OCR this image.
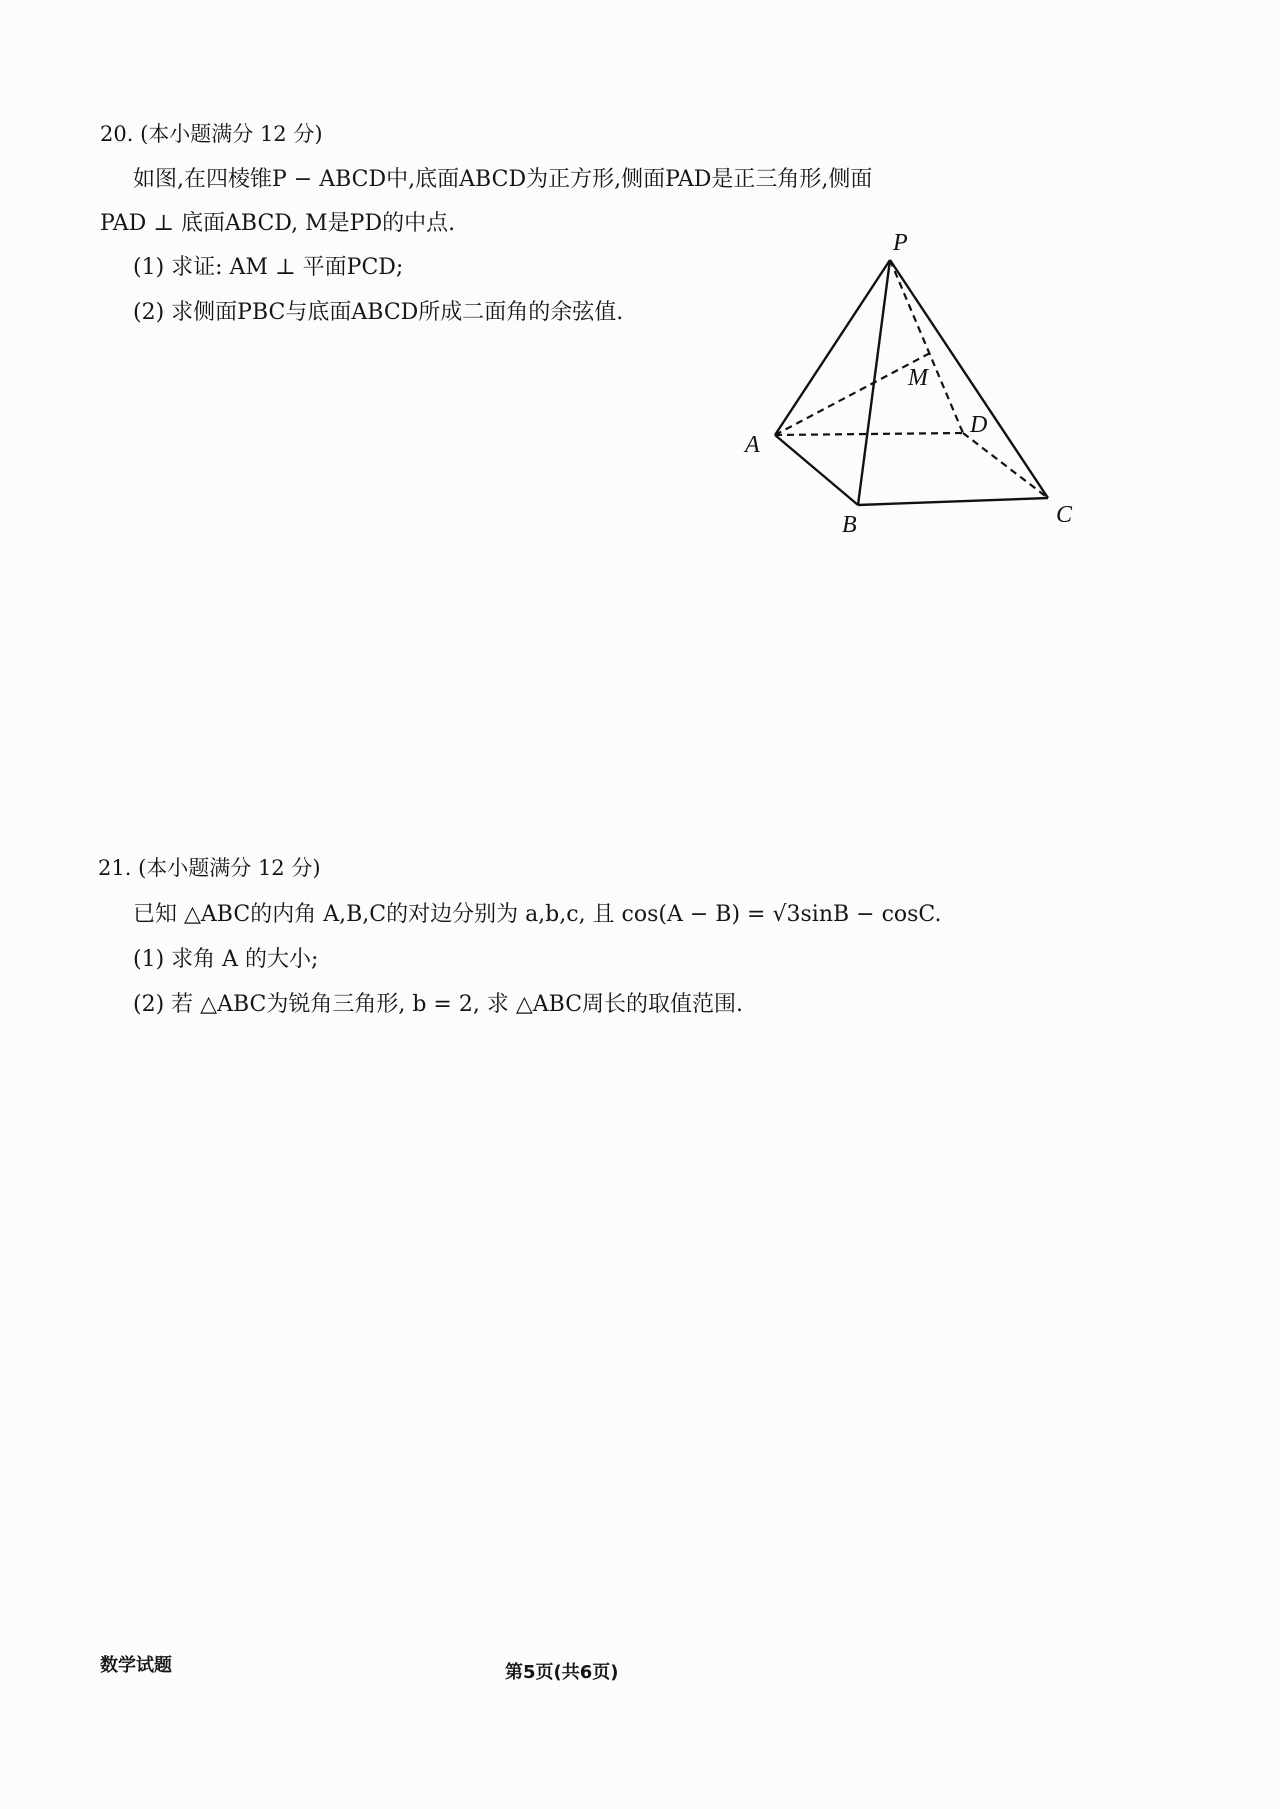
20. (本小题满分 12 分)
如图,在四棱锥P − ABCD中,底面ABCD为正方形,侧面PAD是正三角形,侧面
PAD ⊥ 底面ABCD, M是PD的中点.
(1) 求证: AM ⊥ 平面PCD;
(2) 求侧面PBC与底面ABCD所成二面角的余弦值.
P
A
B	C
D
M
21. (本小题满分 12 分)
已知 △ABC的内角 A,B,C的对边分别为 a,b,c, 且 cos(A − B) = √3sinB − cosC.
(1) 求角 A 的大小;
(2) 若 △ABC为锐角三角形, b = 2, 求 △ABC周长的取值范围.
数学试题	第5页(共6页)
